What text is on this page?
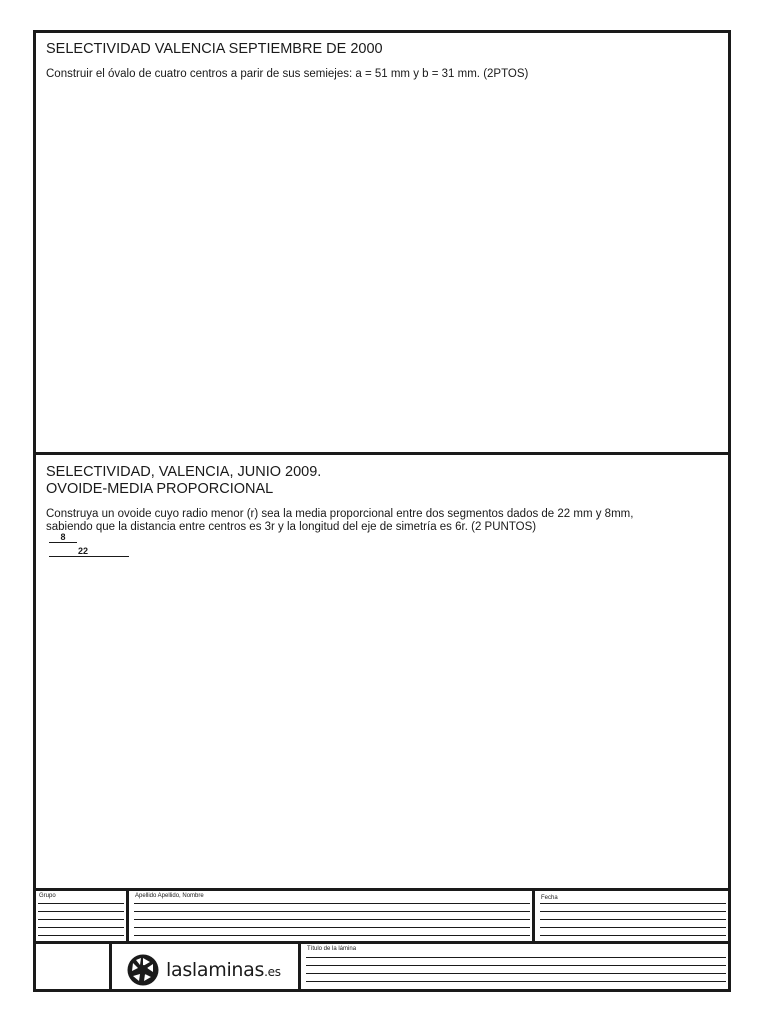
SELECTIVIDAD VALENCIA SEPTIEMBRE DE 2000

Construir el óvalo de cuatro centros a parir de sus semiejes: a = 51 mm y b = 31 mm. (2PTOS)

SELECTIVIDAD, VALENCIA, JUNIO 2009.
OVOIDE-MEDIA PROPORCIONAL

Construya un ovoide cuyo radio menor (r) sea la media proporcional entre dos segmentos dados de 22 mm y 8mm,
sabiendo que la distancia entre centros es 3r y la longitud del eje de simetría es 6r. (2 PUNTOS)

8
22
Grupo	Apellido Apellido, Nombre	Fecha
laslaminas.es
Título de la lámina
